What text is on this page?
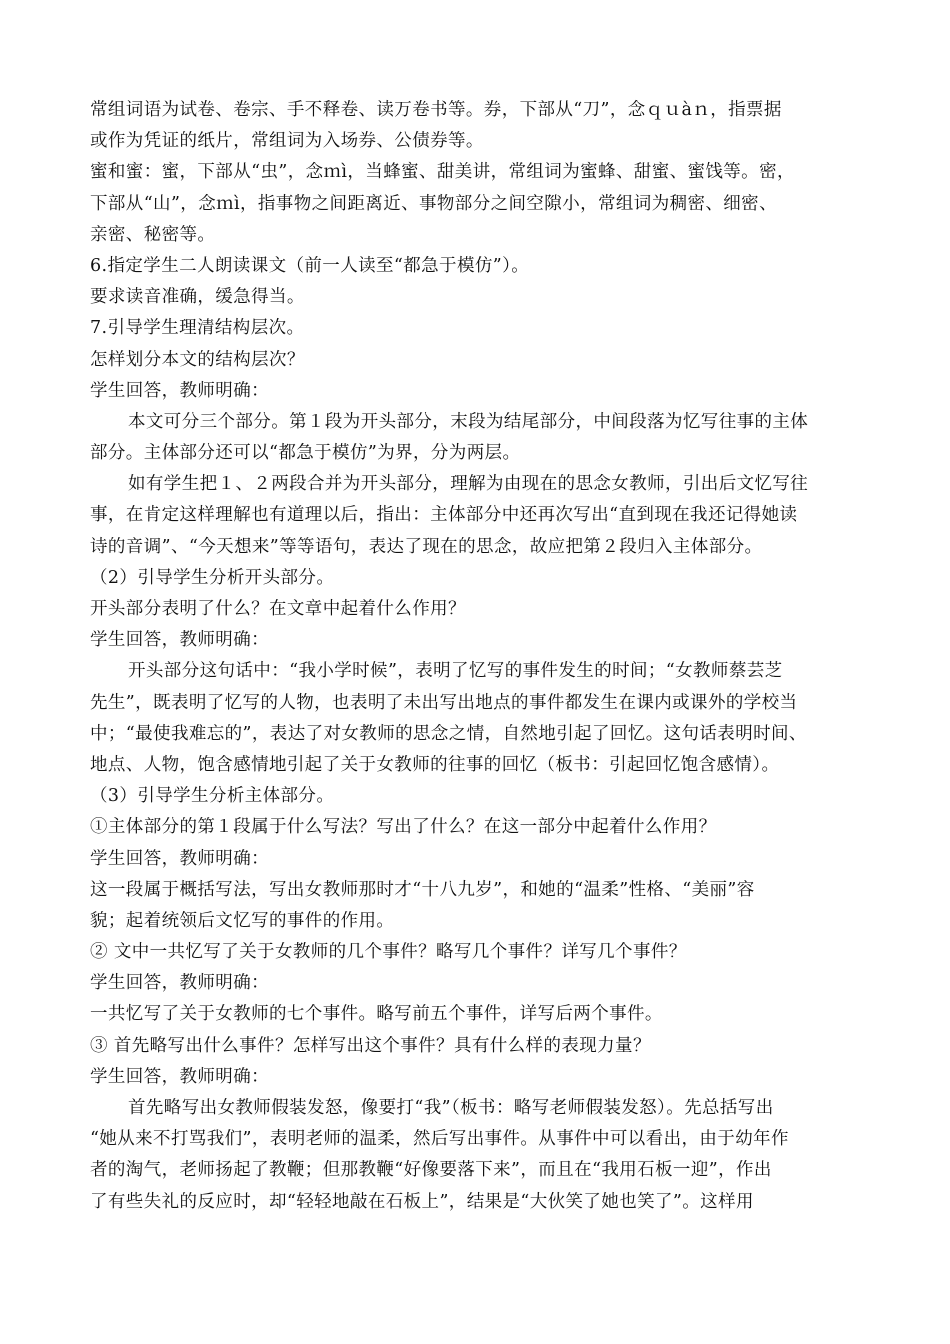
常组词语为试卷、卷宗、手不释卷、读万卷书等。券，下部从“刀”，念ｑｕàｎ，指票据
或作为凭证的纸片，常组词为入场券、公债券等。
蜜和蜜：蜜，下部从“虫”，念ｍì，当蜂蜜、甜美讲，常组词为蜜蜂、甜蜜、蜜饯等。密，
下部从“山”，念ｍì，指事物之间距离近、事物部分之间空隙小，常组词为稠密、细密、
亲密、秘密等。
6.指定学生二人朗读课文（前一人读至“都急于模仿”）。
要求读音准确，缓急得当。
7.引导学生理清结构层次。
怎样划分本文的结构层次？
学生回答，教师明确：
本文可分三个部分。第１段为开头部分，末段为结尾部分，中间段落为忆写往事的主体
部分。主体部分还可以“都急于模仿”为界，分为两层。
如有学生把１、２两段合并为开头部分，理解为由现在的思念女教师，引出后文忆写往
事，在肯定这样理解也有道理以后，指出：主体部分中还再次写出“直到现在我还记得她读
诗的音调”、“今天想来”等等语句，表达了现在的思念，故应把第２段归入主体部分。
（2）引导学生分析开头部分。
开头部分表明了什么？在文章中起着什么作用？
学生回答，教师明确：
开头部分这句话中：“我小学时候”，表明了忆写的事件发生的时间；“女教师蔡芸芝
先生”，既表明了忆写的人物，也表明了未出写出地点的事件都发生在课内或课外的学校当
中；“最使我难忘的”，表达了对女教师的思念之情，自然地引起了回忆。这句话表明时间、
地点、人物，饱含感情地引起了关于女教师的往事的回忆（板书：引起回忆饱含感情）。
（3）引导学生分析主体部分。
①主体部分的第１段属于什么写法？写出了什么？在这一部分中起着什么作用？
学生回答，教师明确：
这一段属于概括写法，写出女教师那时才“十八九岁”，和她的“温柔”性格、“美丽”容
貌；起着统领后文忆写的事件的作用。
② 文中一共忆写了关于女教师的几个事件？略写几个事件？详写几个事件？
学生回答，教师明确：
一共忆写了关于女教师的七个事件。略写前五个事件，详写后两个事件。
③ 首先略写出什么事件？怎样写出这个事件？具有什么样的表现力量？
学生回答，教师明确：
首先略写出女教师假装发怒，像要打“我”（板书：略写老师假装发怒）。先总括写出
“她从来不打骂我们”，表明老师的温柔，然后写出事件。从事件中可以看出，由于幼年作
者的淘气，老师扬起了教鞭；但那教鞭“好像要落下来”，而且在“我用石板一迎”，作出
了有些失礼的反应时，却“轻轻地敲在石板上”，结果是“大伙笑了她也笑了”。这样用
